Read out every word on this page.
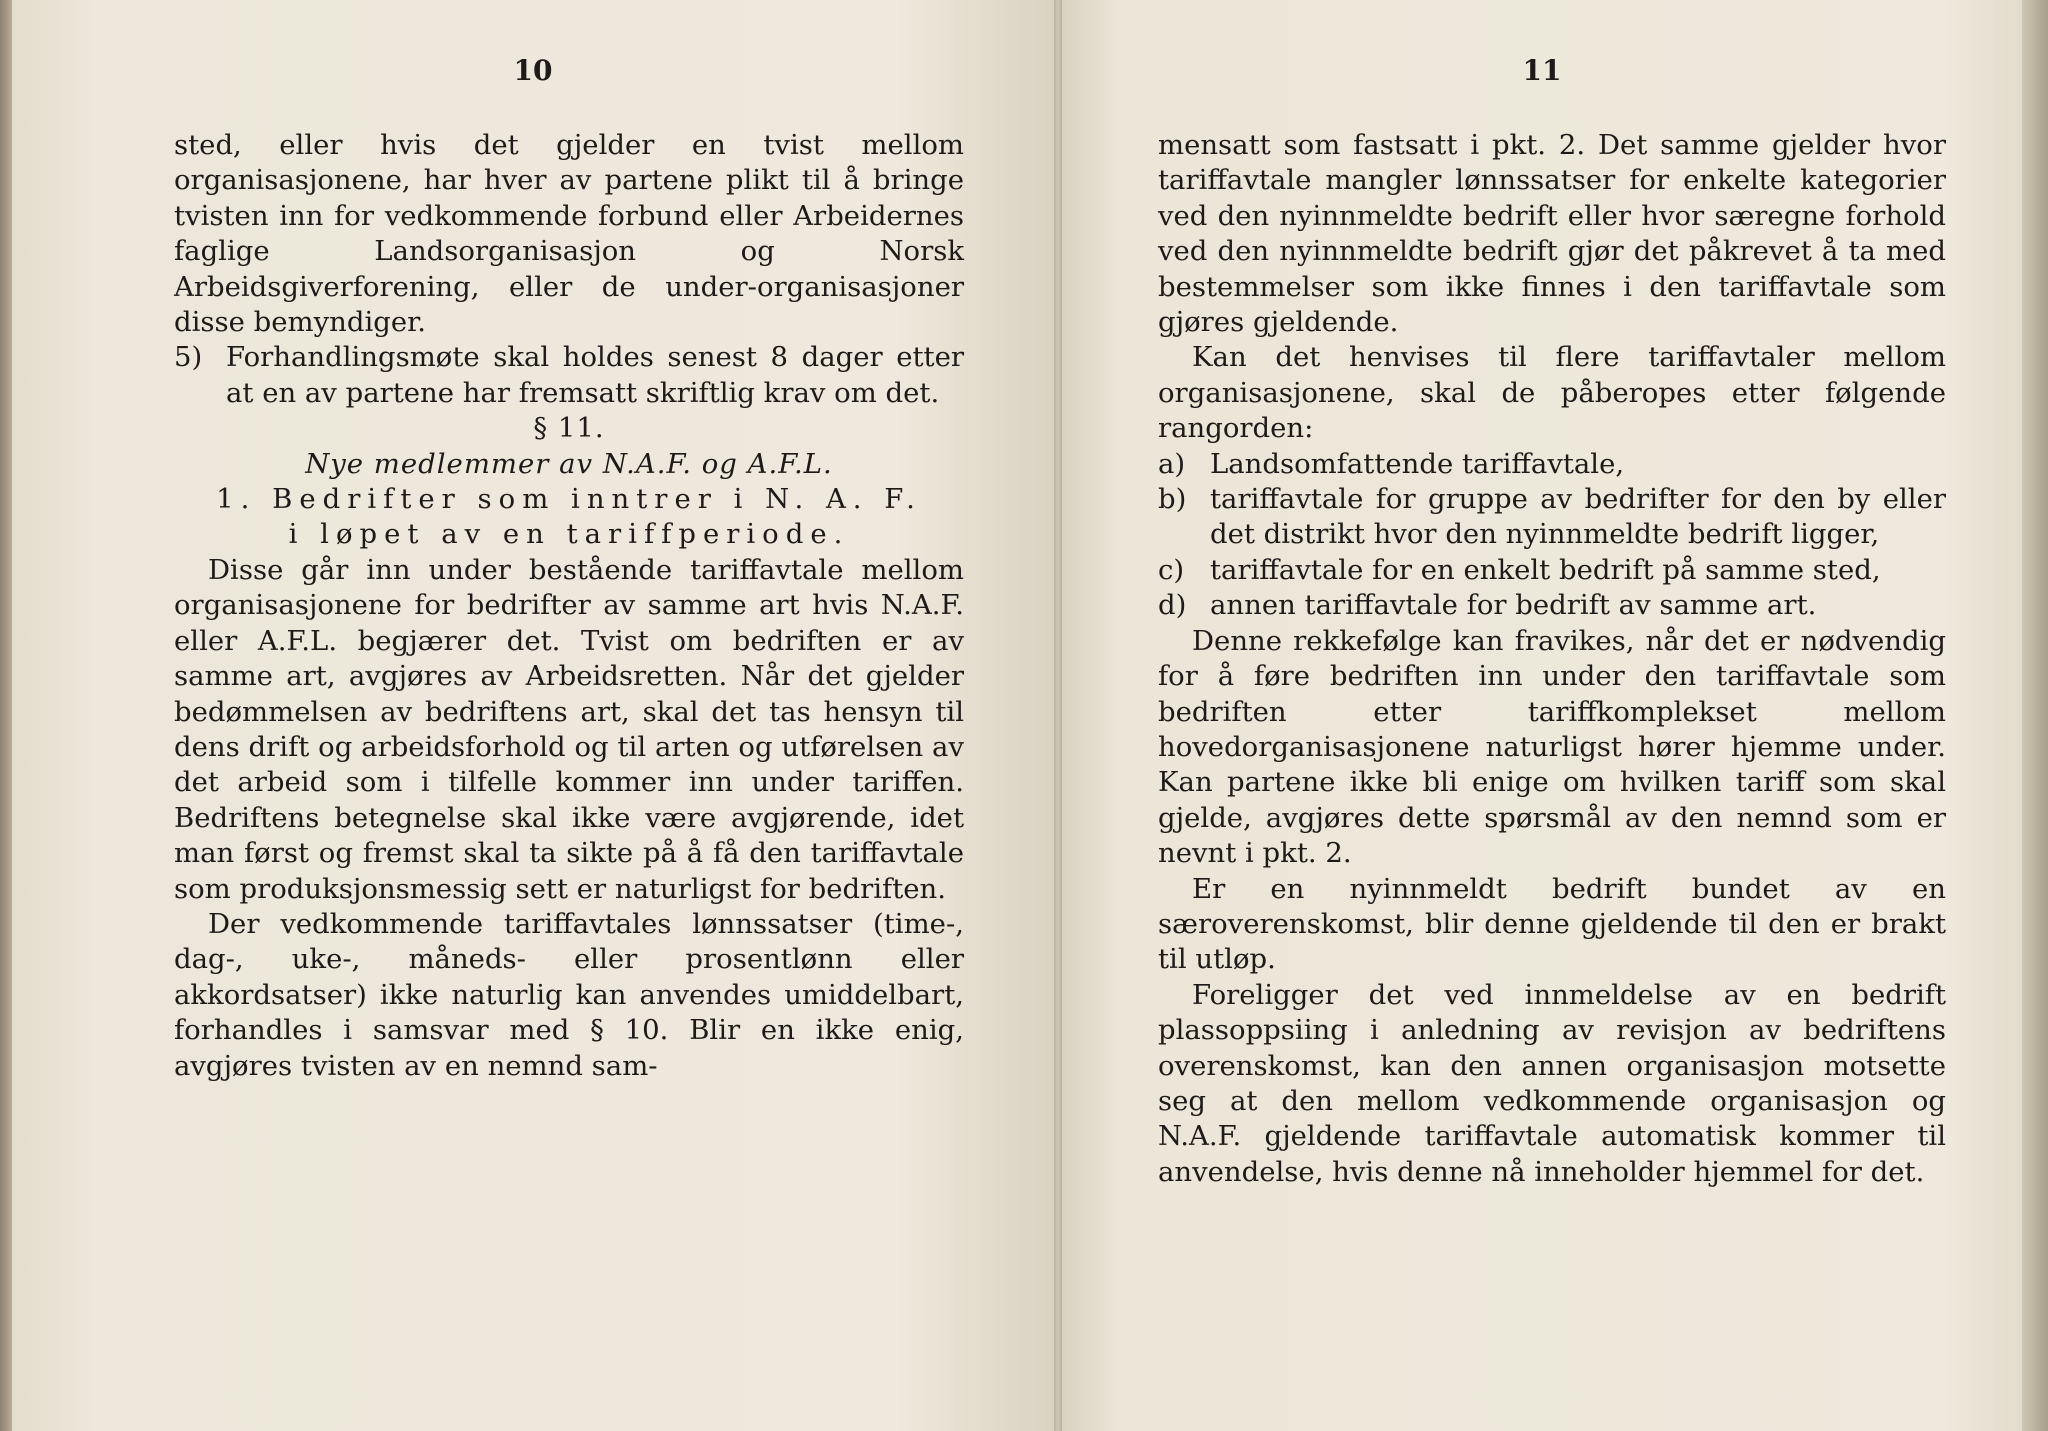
10

sted, eller hvis det gjelder en tvist mellom organisasjonene, har hver av partene plikt til å bringe tvisten inn for vedkommende forbund eller Arbeidernes faglige Landsorganisasjon og Norsk Arbeidsgiverforening, eller de under-organisasjoner disse bemyndiger.

5) Forhandlingsmøte skal holdes senest 8 dager etter at en av partene har fremsatt skriftlig krav om det.

§ 11.

Nye medlemmer av N.A.F. og A.F.L.

1. Bedrifter som inntrer i N. A. F.

i løpet av en tariffperiode.

Disse går inn under bestående tariffavtale mellom organisasjonene for bedrifter av samme art hvis N.A.F. eller A.F.L. begjærer det. Tvist om bedriften er av samme art, avgjøres av Arbeidsretten. Når det gjelder bedømmelsen av bedriftens art, skal det tas hensyn til dens drift og arbeidsforhold og til arten og utførelsen av det arbeid som i tilfelle kommer inn under tariffen. Bedriftens betegnelse skal ikke være avgjørende, idet man først og fremst skal ta sikte på å få den tariffavtale som produksjonsmessig sett er naturligst for bedriften.

Der vedkommende tariffavtales lønnssatser (time-, dag-, uke-, måneds- eller prosentlønn eller akkordsatser) ikke naturlig kan anvendes umiddelbart, forhandles i samsvar med § 10. Blir en ikke enig, avgjøres tvisten av en nemnd sam-

11

mensatt som fastsatt i pkt. 2. Det samme gjelder hvor tariffavtale mangler lønnssatser for enkelte kategorier ved den nyinnmeldte bedrift eller hvor særegne forhold ved den nyinnmeldte bedrift gjør det påkrevet å ta med bestemmelser som ikke finnes i den tariffavtale som gjøres gjeldende.

Kan det henvises til flere tariffavtaler mellom organisasjonene, skal de påberopes etter følgende rangorden:

a) Landsomfattende tariffavtale,
b) tariffavtale for gruppe av bedrifter for den by eller det distrikt hvor den nyinnmeldte bedrift ligger,
c) tariffavtale for en enkelt bedrift på samme sted,
d) annen tariffavtale for bedrift av samme art.

Denne rekkefølge kan fravikes, når det er nødvendig for å føre bedriften inn under den tariffavtale som bedriften etter tariffkomplekset mellom hovedorganisasjonene naturligst hører hjemme under. Kan partene ikke bli enige om hvilken tariff som skal gjelde, avgjøres dette spørsmål av den nemnd som er nevnt i pkt. 2.

Er en nyinnmeldt bedrift bundet av en særoverenskomst, blir denne gjeldende til den er brakt til utløp.

Foreligger det ved innmeldelse av en bedrift plassoppsiing i anledning av revisjon av bedriftens overenskomst, kan den annen organisasjon motsette seg at den mellom vedkommende organisasjon og N.A.F. gjeldende tariffavtale automatisk kommer til anvendelse, hvis denne nå inneholder hjemmel for det.
